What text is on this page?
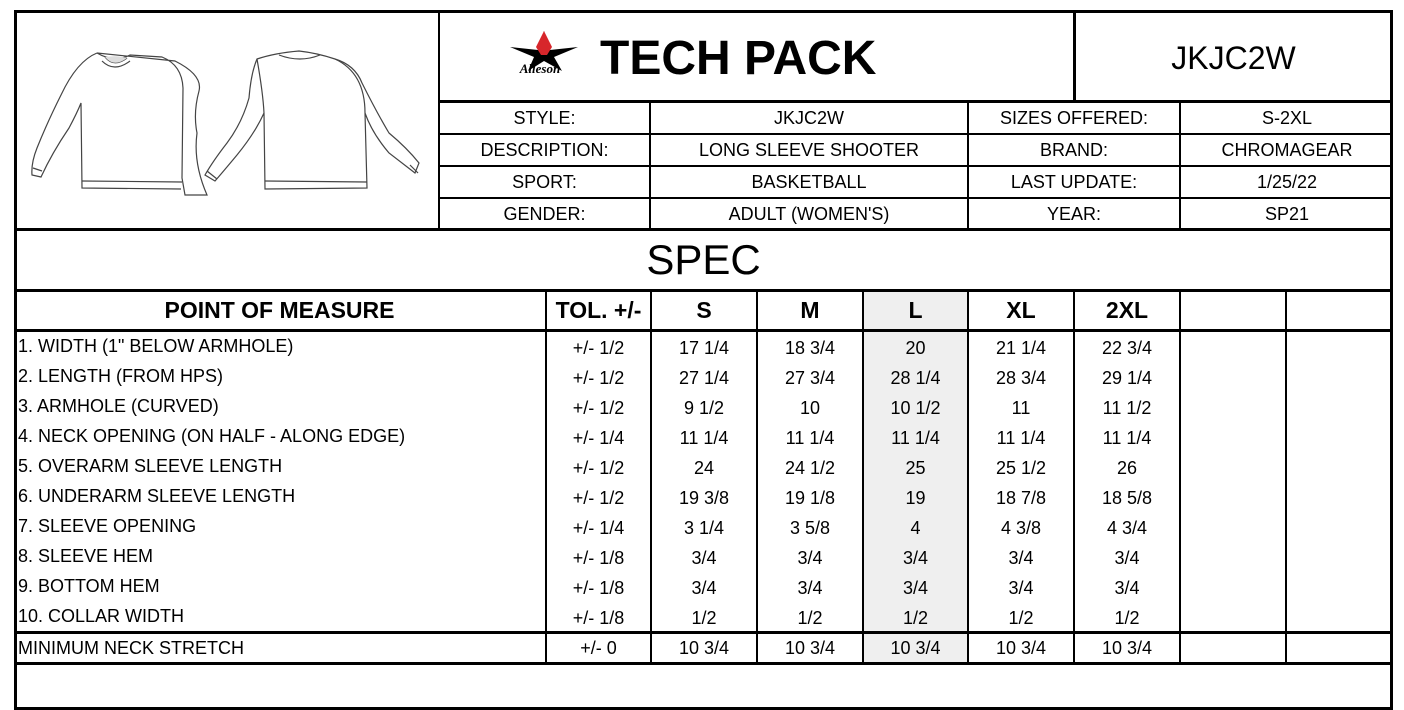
Alleson TECH PACK	JKJC2W
STYLE:	JKJC2W	SIZES OFFERED:	S-2XL
DESCRIPTION:	LONG SLEEVE SHOOTER	BRAND:	CHROMAGEAR
SPORT:	BASKETBALL	LAST UPDATE:	1/25/22
GENDER:	ADULT (WOMEN'S)	YEAR:	SP21
SPEC
POINT OF MEASURE	TOL. +/-	S	M	L	XL	2XL
1. WIDTH (1" BELOW ARMHOLE)	+/- 1/2	17 1/4	18 3/4	20	21 1/4	22 3/4
2. LENGTH (FROM HPS)	+/- 1/2	27 1/4	27 3/4	28 1/4	28 3/4	29 1/4
3. ARMHOLE (CURVED)	+/- 1/2	9 1/2	10	10 1/2	11	11 1/2
4. NECK OPENING (ON HALF - ALONG EDGE)	+/- 1/4	11 1/4	11 1/4	11 1/4	11 1/4	11 1/4
5. OVERARM SLEEVE LENGTH	+/- 1/2	24	24 1/2	25	25 1/2	26
6. UNDERARM SLEEVE LENGTH	+/- 1/2	19 3/8	19 1/8	19	18 7/8	18 5/8
7. SLEEVE OPENING	+/- 1/4	3 1/4	3 5/8	4	4 3/8	4 3/4
8. SLEEVE HEM	+/- 1/8	3/4	3/4	3/4	3/4	3/4
9. BOTTOM HEM	+/- 1/8	3/4	3/4	3/4	3/4	3/4
10. COLLAR WIDTH	+/- 1/8	1/2	1/2	1/2	1/2	1/2
MINIMUM NECK STRETCH	+/- 0	10 3/4	10 3/4	10 3/4	10 3/4	10 3/4
